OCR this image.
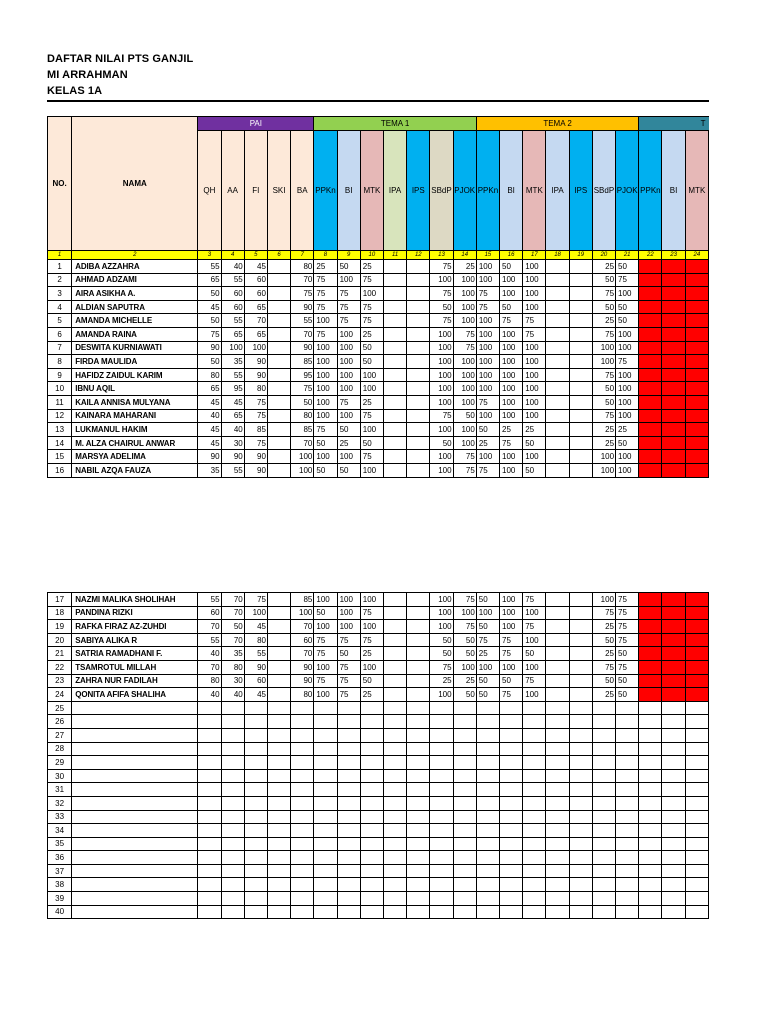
DAFTAR NILAI PTS GANJIL
MI ARRAHMAN
KELAS 1A
NO.	NAMA	PAI					TEMA 1							TEMA 2							T		
		QH	AA	FI	SKI	BA	PPKn	BI	MTK	IPA	IPS	SBdP	PJOK	PPKn	BI	MTK	IPA	IPS	SBdP	PJOK	PPKn	BI	MTK
1	2	3	4	5	6	7	8	9	10	11	12	13	14	15	16	17	18	19	20	21	22	23	24
1	ADIBA AZZAHRA	55	40	45		80	25	50	25			75	25	100	50	100			25	50			
2	AHMAD ADZAMI	65	55	60		70	75	100	75			100	100	100	100	100			50	75			
3	AIRA ASIKHA A.	50	60	60		75	75	75	100			75	100	75	100	100			75	100			
4	ALDIAN SAPUTRA	45	60	65		90	75	75	75			50	100	75	50	100			50	50			
5	AMANDA MICHELLE	50	55	70		55	100	75	75			75	100	100	75	75			25	50			
6	AMANDA RAINA	75	65	65		70	75	100	25			100	75	100	100	75			75	100			
7	DESWITA KURNIAWATI	90	100	100		90	100	100	50			100	75	100	100	100			100	100			
8	FIRDA MAULIDA	50	35	90		85	100	100	50			100	100	100	100	100			100	75			
9	HAFIDZ ZAIDUL KARIM	80	55	90		95	100	100	100			100	100	100	100	100			75	100			
10	IBNU AQIL	65	95	80		75	100	100	100			100	100	100	100	100			50	100			
11	KAILA ANNISA MULYANA	45	45	75		50	100	75	25			100	100	75	100	100			50	100			
12	KAINARA MAHARANI	40	65	75		80	100	100	75			75	50	100	100	100			75	100			
13	LUKMANUL HAKIM	45	40	85		85	75	50	100			100	100	50	25	25			25	25			
14	M. ALZA CHAIRUL ANWAR	45	30	75		70	50	25	50			50	100	25	75	50			25	50			
15	MARSYA ADELIMA	90	90	90		100	100	100	75			100	75	100	100	100			100	100			
16	NABIL AZQA FAUZA	35	55	90		100	50	50	100			100	75	75	100	50			100	100			
17	NAZMI MALIKA SHOLIHAH	55	70	75		85	100	100	100			100	75	50	100	75			100	75			
18	PANDINA RIZKI	60	70	100		100	50	100	75			100	100	100	100	100			75	75			
19	RAFKA FIRAZ AZ-ZUHDI	70	50	45		70	100	100	100			100	75	50	100	75			25	75			
20	SABIYA ALIKA R	55	70	80		60	75	75	75			50	50	75	75	100			50	75			
21	SATRIA RAMADHANI F.	40	35	55		70	75	50	25			50	50	25	75	50			25	50			
22	TSAMROTUL MILLAH	70	80	90		90	100	75	100			75	100	100	100	100			75	75			
23	ZAHRA NUR FADILAH	80	30	60		90	75	75	50			25	25	50	50	75			50	50			
24	QONITA AFIFA SHALIHA	40	40	45		80	100	75	25			100	50	50	75	100			25	50			
25																							
26																							
27																							
28																							
29																							
30																							
31																							
32																							
33																							
34																							
35																							
36																							
37																							
38																							
39																							
40																							
